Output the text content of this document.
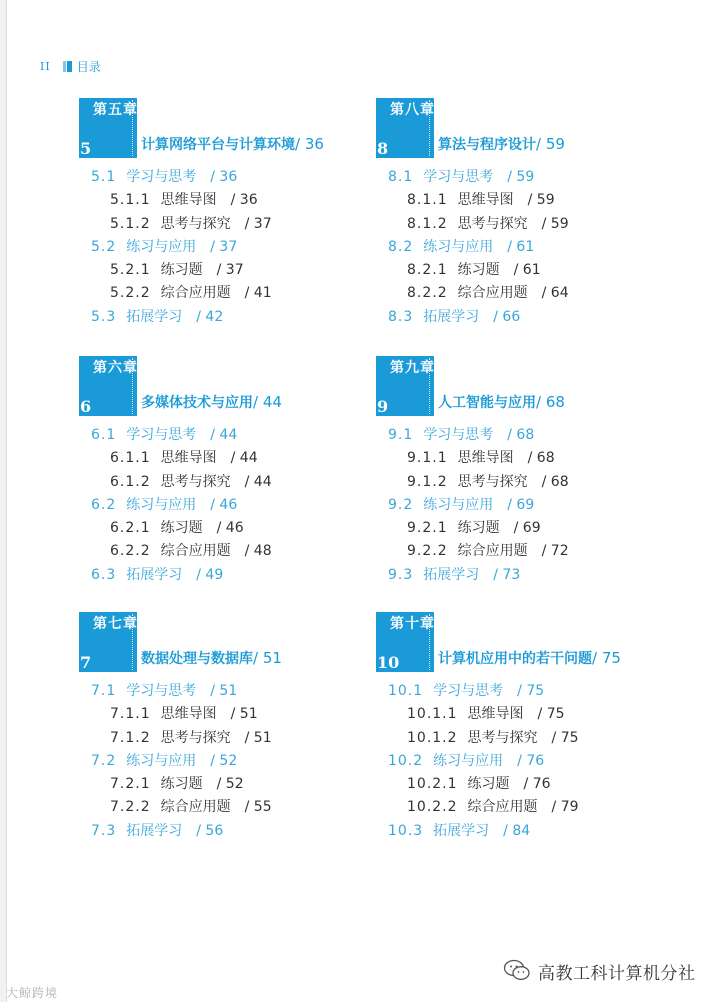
II 目录
第五章
5	计算网络平台与计算环境/ 36
5.1 学习与思考 / 36
5.1.1 思维导图 / 36
5.1.2 思考与探究 / 37
5.2 练习与应用 / 37
5.2.1 练习题 / 37
5.2.2 综合应用题 / 41
5.3 拓展学习 / 42
第八章
8	算法与程序设计/ 59
8.1 学习与思考 / 59
8.1.1 思维导图 / 59
8.1.2 思考与探究 / 59
8.2 练习与应用 / 61
8.2.1 练习题 / 61
8.2.2 综合应用题 / 64
8.3 拓展学习 / 66
第六章
6	多媒体技术与应用/ 44
6.1 学习与思考 / 44
6.1.1 思维导图 / 44
6.1.2 思考与探究 / 44
6.2 练习与应用 / 46
6.2.1 练习题 / 46
6.2.2 综合应用题 / 48
6.3 拓展学习 / 49
第九章
9	人工智能与应用/ 68
9.1 学习与思考 / 68
9.1.1 思维导图 / 68
9.1.2 思考与探究 / 68
9.2 练习与应用 / 69
9.2.1 练习题 / 69
9.2.2 综合应用题 / 72
9.3 拓展学习 / 73
第七章
7	数据处理与数据库/ 51
7.1 学习与思考 / 51
7.1.1 思维导图 / 51
7.1.2 思考与探究 / 51
7.2 练习与应用 / 52
7.2.1 练习题 / 52
7.2.2 综合应用题 / 55
7.3 拓展学习 / 56
第十章
10	计算机应用中的若干问题/ 75
10.1 学习与思考 / 75
10.1.1 思维导图 / 75
10.1.2 思考与探究 / 75
10.2 练习与应用 / 76
10.2.1 练习题 / 76
10.2.2 综合应用题 / 79
10.3 拓展学习 / 84
高教工科计算机分社
大鲸跨境
